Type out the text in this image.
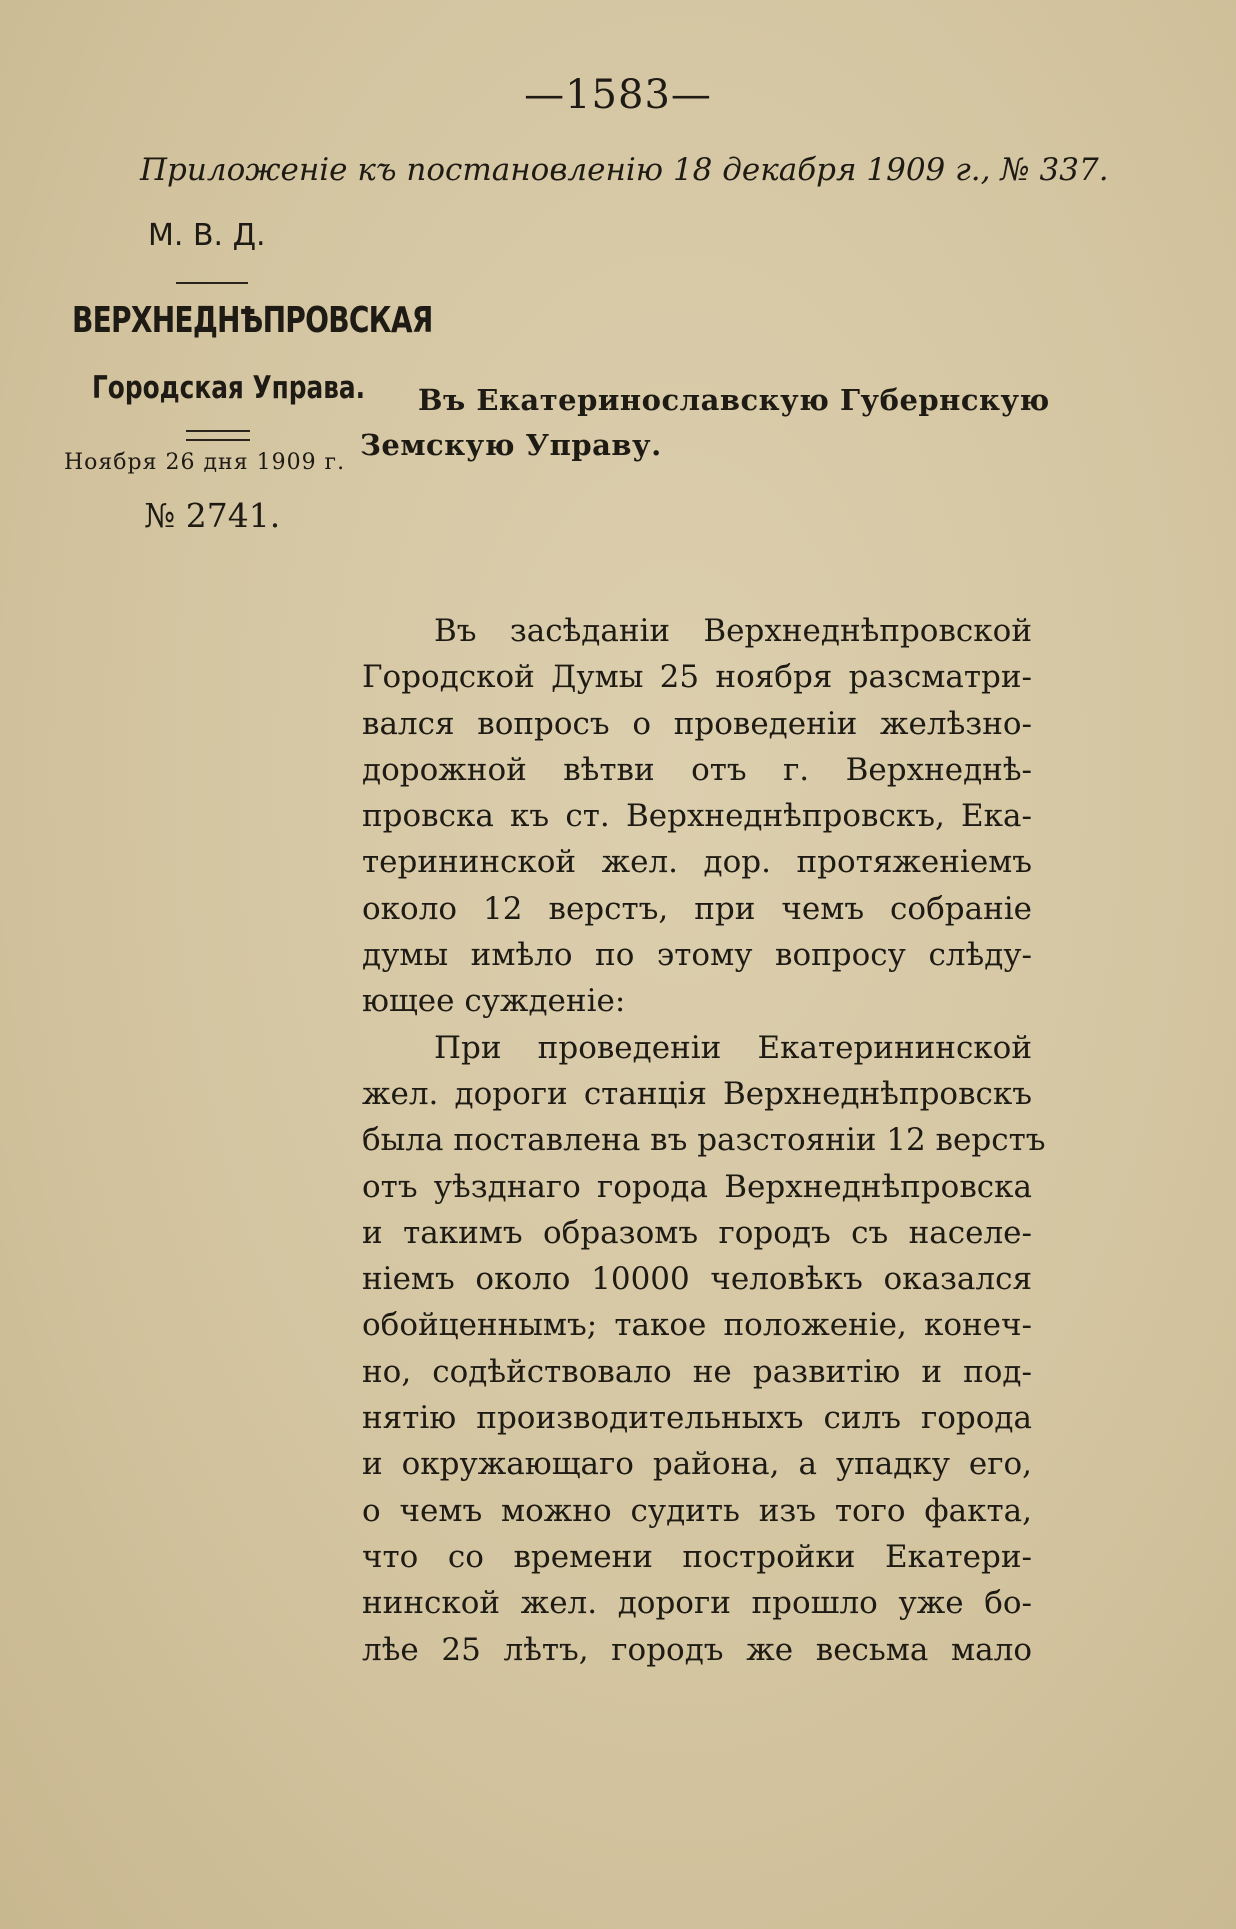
—1583—
Приложеніе къ постановленію 18 декабря 1909 г., № 337.
М. В. Д.
ВЕРХНЕДНѢПРОВСКАЯ
Городская Управа.
Ноября 26 дня 1909 г.
№ 2741.
Въ Екатеринославскую Губернскую
Земскую Управу.
Въ засѣданіи Верхнеднѣпровской
Городской Думы 25 ноября разсматри-
вался вопросъ о проведеніи желѣзно-
дорожной вѣтви отъ г. Верхнеднѣ-
провска къ ст. Верхнеднѣпровскъ, Ека-
терининской жел. дор. протяженіемъ
около 12 верстъ, при чемъ собраніе
думы имѣло по этому вопросу слѣду-
ющее сужденіе:
При проведеніи Екатерининской
жел. дороги станція Верхнеднѣпровскъ
была поставлена въ разстояніи 12 верстъ
отъ уѣзднаго города Верхнеднѣпровска
и такимъ образомъ городъ съ населе-
ніемъ около 10000 человѣкъ оказался
обойценнымъ; такое положеніе, конеч-
но, содѣйствовало не развитію и под-
нятію производительныхъ силъ города
и окружающаго района, а упадку его,
о чемъ можно судить изъ того факта,
что со времени постройки Екатери-
нинской жел. дороги прошло уже бо-
лѣе 25 лѣтъ, городъ же весьма мало
